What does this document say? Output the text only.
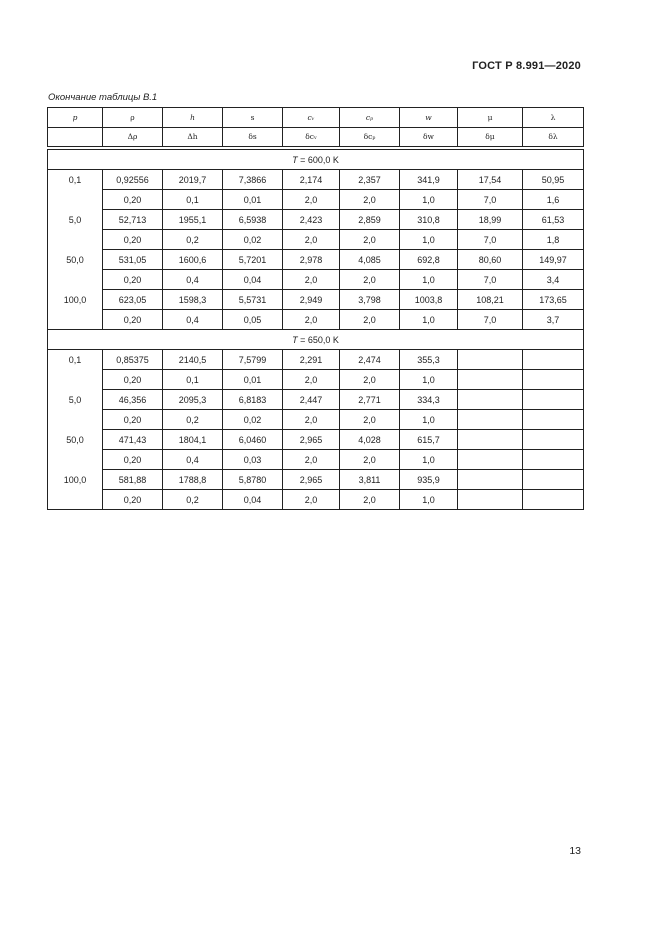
ГОСТ Р 8.991—2020
Окончание таблицы В.1
p	ρ	h	s	cᵥ	cₚ	w	μ	λ
	Δρ	Δh	δs	δcᵥ	δcₚ	δw	δμ	δλ

T = 600,0 K								
0,1	0,92556	2019,7	7,3866	2,174	2,357	341,9	17,54	50,95
	0,20	0,1	0,01	2,0	2,0	1,0	7,0	1,6
5,0	52,713	1955,1	6,5938	2,423	2,859	310,8	18,99	61,53
	0,20	0,2	0,02	2,0	2,0	1,0	7,0	1,8
50,0	531,05	1600,6	5,7201	2,978	4,085	692,8	80,60	149,97
	0,20	0,4	0,04	2,0	2,0	1,0	7,0	3,4
100,0	623,05	1598,3	5,5731	2,949	3,798	1003,8	108,21	173,65
	0,20	0,4	0,05	2,0	2,0	1,0	7,0	3,7
T = 650,0 K								
0,1	0,85375	2140,5	7,5799	2,291	2,474	355,3		
	0,20	0,1	0,01	2,0	2,0	1,0		
5,0	46,356	2095,3	6,8183	2,447	2,771	334,3		
	0,20	0,2	0,02	2,0	2,0	1,0		
50,0	471,43	1804,1	6,0460	2,965	4,028	615,7		
	0,20	0,4	0,03	2,0	2,0	1,0		
100,0	581,88	1788,8	5,8780	2,965	3,811	935,9		
	0,20	0,2	0,04	2,0	2,0	1,0		
13
